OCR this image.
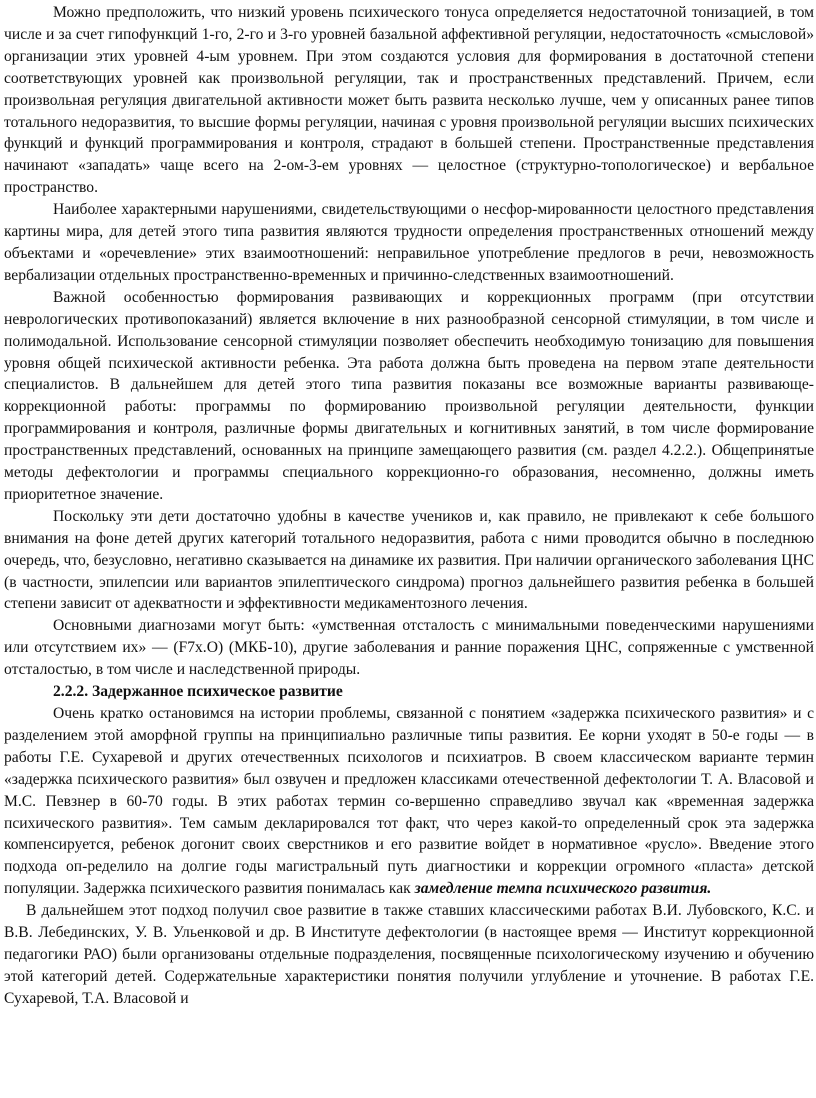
Можно предположить, что низкий уровень психического тонуса определяется недостаточной тонизацией, в том числе и за счет гипофункций 1-го, 2-го и 3-го уровней базальной аффективной регуляции, недостаточность «смысловой» организации этих уровней 4-ым уровнем. При этом создаются условия для формирования в достаточной степени соответствующих уровней как произвольной регуляции, так и пространственных представлений. Причем, если произвольная регуляция двигательной активности может быть развита несколько лучше, чем у описанных ранее типов тотального недоразвития, то высшие формы регуляции, начиная с уровня произвольной регуляции высших психических функций и функций программирования и контроля, страдают в большей степени. Пространственные представления начинают «западать» чаще всего на 2-ом-3-ем уровнях — целостное (структурно-топологическое) и вербальное пространство.

Наиболее характерными нарушениями, свидетельствующими о несфор-мированности целостного представления картины мира, для детей этого типа развития являются трудности определения пространственных отношений между объектами и «оречевление» этих взаимоотношений: неправильное употребление предлогов в речи, невозможность вербализации отдельных пространственно-временных и причинно-следственных взаимоотношений.

Важной особенностью формирования развивающих и коррекционных программ (при отсутствии неврологических противопоказаний) является включение в них разнообразной сенсорной стимуляции, в том числе и полимодальной. Использование сенсорной стимуляции позволяет обеспечить необходимую тонизацию для повышения уровня общей психической активности ребенка. Эта работа должна быть проведена на первом этапе деятельности специалистов. В дальнейшем для детей этого типа развития показаны все возможные варианты развивающе-коррекционной работы: программы по формированию произвольной регуляции деятельности, функции программирования и контроля, различные формы двигательных и когнитивных занятий, в том числе формирование пространственных представлений, основанных на принципе замещающего развития (см. раздел 4.2.2.). Общепринятые методы дефектологии и программы специального коррекционно-го образования, несомненно, должны иметь приоритетное значение.

Поскольку эти дети достаточно удобны в качестве учеников и, как правило, не привлекают к себе большого внимания на фоне детей других категорий тотального недоразвития, работа с ними проводится обычно в последнюю очередь, что, безусловно, негативно сказывается на динамике их развития. При наличии органического заболевания ЦНС (в частности, эпилепсии или вариантов эпилептического синдрома) прогноз дальнейшего развития ребенка в большей степени зависит от адекватности и эффективности медикаментозного лечения.

Основными диагнозами могут быть: «умственная отсталость с минимальными поведенческими нарушениями или отсутствием их» — (F7х.О) (МКБ-10), другие заболевания и ранние поражения ЦНС, сопряженные с умственной отсталостью, в том числе и наследственной природы.

2.2.2. Задержанное психическое развитие

Очень кратко остановимся на истории проблемы, связанной с понятием «задержка психического развития» и с разделением этой аморфной группы на принципиально различные типы развития. Ее корни уходят в 50-е годы — в работы Г.Е. Сухаревой и других отечественных психологов и психиатров. В своем классическом варианте термин «задержка психического развития» был озвучен и предложен классиками отечественной дефектологии Т. А. Власовой и М.С. Певзнер в 60-70 годы. В этих работах термин со-вершенно справедливо звучал как «временная задержка психического развития». Тем самым декларировался тот факт, что через какой-то определенный срок эта задержка компенсируется, ребенок догонит своих сверстников и его развитие войдет в нормативное «русло». Введение этого подхода оп-ределило на долгие годы магистральный путь диагностики и коррекции огромного «пласта» детской популяции. Задержка психического развития понималась как замедление темпа психического развития.

В дальнейшем этот подход получил свое развитие в также ставших классическими работах В.И. Лубовского, К.С. и В.В. Лебединских, У. В. Ульенковой и др. В Институте дефектологии (в настоящее время — Институт коррекционной педагогики РАО) были организованы отдельные подразделения, посвященные психологическому изучению и обучению этой категорий детей. Содержательные характеристики понятия получили углубление и уточнение. В работах Г.Е. Сухаревой, Т.А. Власовой и
